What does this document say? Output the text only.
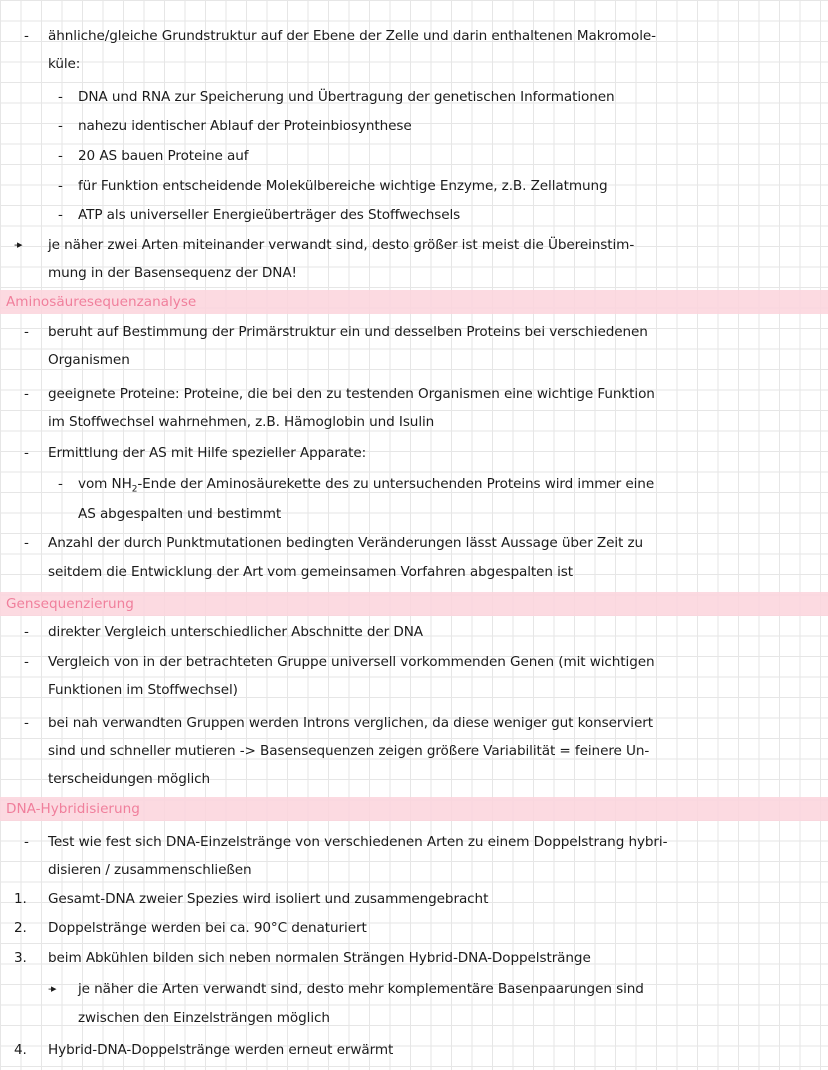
- ähnliche/gleiche Grundstruktur auf der Ebene der Zelle und darin enthaltenen Makromole-
küle:
- DNA und RNA zur Speicherung und Übertragung der genetischen Informationen
- nahezu identischer Ablauf der Proteinbiosynthese
- 20 AS bauen Proteine auf
- für Funktion entscheidende Molekülbereiche wichtige Enzyme, z.B. Zellatmung
- ATP als universeller Energieüberträger des Stoffwechsels
-▸ je näher zwei Arten miteinander verwandt sind, desto größer ist meist die Übereinstim-
mung in der Basensequenz der DNA!
Aminosäuresequenzanalyse
- beruht auf Bestimmung der Primärstruktur ein und desselben Proteins bei verschiedenen
Organismen
- geeignete Proteine: Proteine, die bei den zu testenden Organismen eine wichtige Funktion
im Stoffwechsel wahrnehmen, z.B. Hämoglobin und Isulin
- Ermittlung der AS mit Hilfe spezieller Apparate:
- vom $NH_2$-Ende der Aminosäurekette des zu untersuchenden Proteins wird immer eine
AS abgespalten und bestimmt
- Anzahl der durch Punktmutationen bedingten Veränderungen lässt Aussage über Zeit zu
seitdem die Entwicklung der Art vom gemeinsamen Vorfahren abgespalten ist
Gensequenzierung
- direkter Vergleich unterschiedlicher Abschnitte der DNA
- Vergleich von in der betrachteten Gruppe universell vorkommenden Genen (mit wichtigen
Funktionen im Stoffwechsel)
- bei nah verwandten Gruppen werden Introns verglichen, da diese weniger gut konserviert
sind und schneller mutieren -> Basensequenzen zeigen größere Variabilität = feinere Un-
terscheidungen möglich
DNA-Hybridisierung
- Test wie fest sich DNA-Einzelstränge von verschiedenen Arten zu einem Doppelstrang hybri-
disieren / zusammenschließen
1. Gesamt-DNA zweier Spezies wird isoliert und zusammengebracht
2. Doppelstränge werden bei ca. 90°C denaturiert
3. beim Abkühlen bilden sich neben normalen Strängen Hybrid-DNA-Doppelstränge
-▸ je näher die Arten verwandt sind, desto mehr komplementäre Basenpaarungen sind
zwischen den Einzelsträngen möglich
4. Hybrid-DNA-Doppelstränge werden erneut erwärmt
